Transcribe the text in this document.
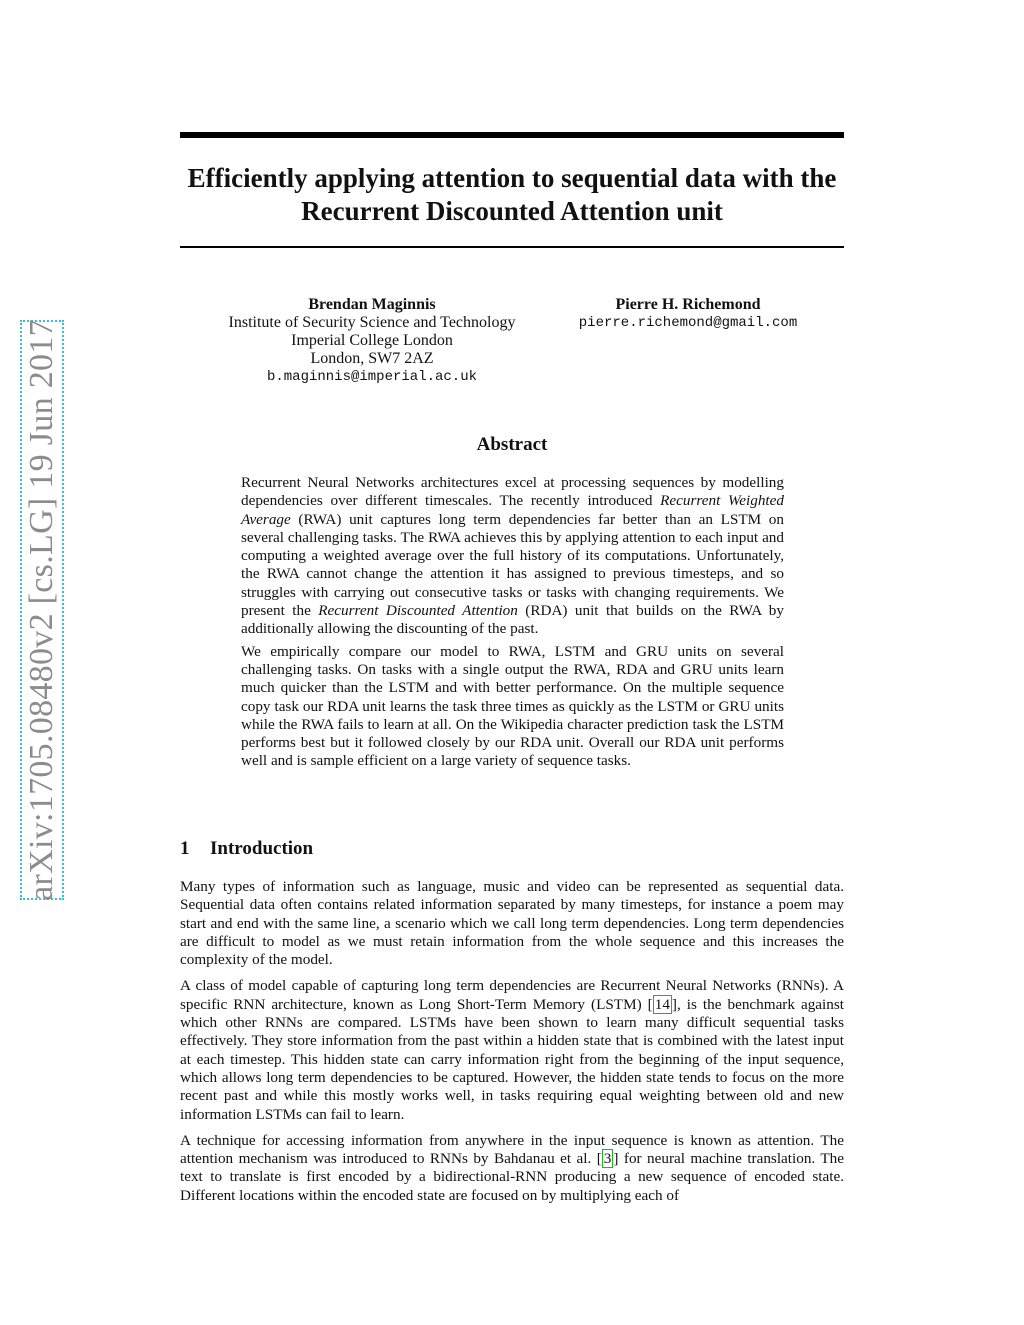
arXiv:1705.08480v2 [cs.LG] 19 Jun 2017
Efficiently applying attention to sequential data with the Recurrent Discounted Attention unit
Brendan Maginnis
Institute of Security Science and Technology
Imperial College London
London, SW7 2AZ
b.maginnis@imperial.ac.uk
Pierre H. Richemond
pierre.richemond@gmail.com
Abstract

Recurrent Neural Networks architectures excel at processing sequences by modelling dependencies over different timescales. The recently introduced Recurrent Weighted Average (RWA) unit captures long term dependencies far better than an LSTM on several challenging tasks. The RWA achieves this by applying attention to each input and computing a weighted average over the full history of its computations. Unfortunately, the RWA cannot change the attention it has assigned to previous timesteps, and so struggles with carrying out consecutive tasks or tasks with changing requirements. We present the Recurrent Discounted Attention (RDA) unit that builds on the RWA by additionally allowing the discounting of the past.

We empirically compare our model to RWA, LSTM and GRU units on several challenging tasks. On tasks with a single output the RWA, RDA and GRU units learn much quicker than the LSTM and with better performance. On the multiple sequence copy task our RDA unit learns the task three times as quickly as the LSTM or GRU units while the RWA fails to learn at all. On the Wikipedia character prediction task the LSTM performs best but it followed closely by our RDA unit. Overall our RDA unit performs well and is sample efficient on a large variety of sequence tasks.

1 Introduction

Many types of information such as language, music and video can be represented as sequential data. Sequential data often contains related information separated by many timesteps, for instance a poem may start and end with the same line, a scenario which we call long term dependencies. Long term dependencies are difficult to model as we must retain information from the whole sequence and this increases the complexity of the model.

A class of model capable of capturing long term dependencies are Recurrent Neural Networks (RNNs). A specific RNN architecture, known as Long Short-Term Memory (LSTM) [ 14 ], is the benchmark against which other RNNs are compared. LSTMs have been shown to learn many difficult sequential tasks effectively. They store information from the past within a hidden state that is combined with the latest input at each timestep. This hidden state can carry information right from the beginning of the input sequence, which allows long term dependencies to be captured. However, the hidden state tends to focus on the more recent past and while this mostly works well, in tasks requiring equal weighting between old and new information LSTMs can fail to learn.

A technique for accessing information from anywhere in the input sequence is known as attention. The attention mechanism was introduced to RNNs by Bahdanau et al. [ 3 ] for neural machine translation. The text to translate is first encoded by a bidirectional-RNN producing a new sequence of encoded state. Different locations within the encoded state are focused on by multiplying each of
